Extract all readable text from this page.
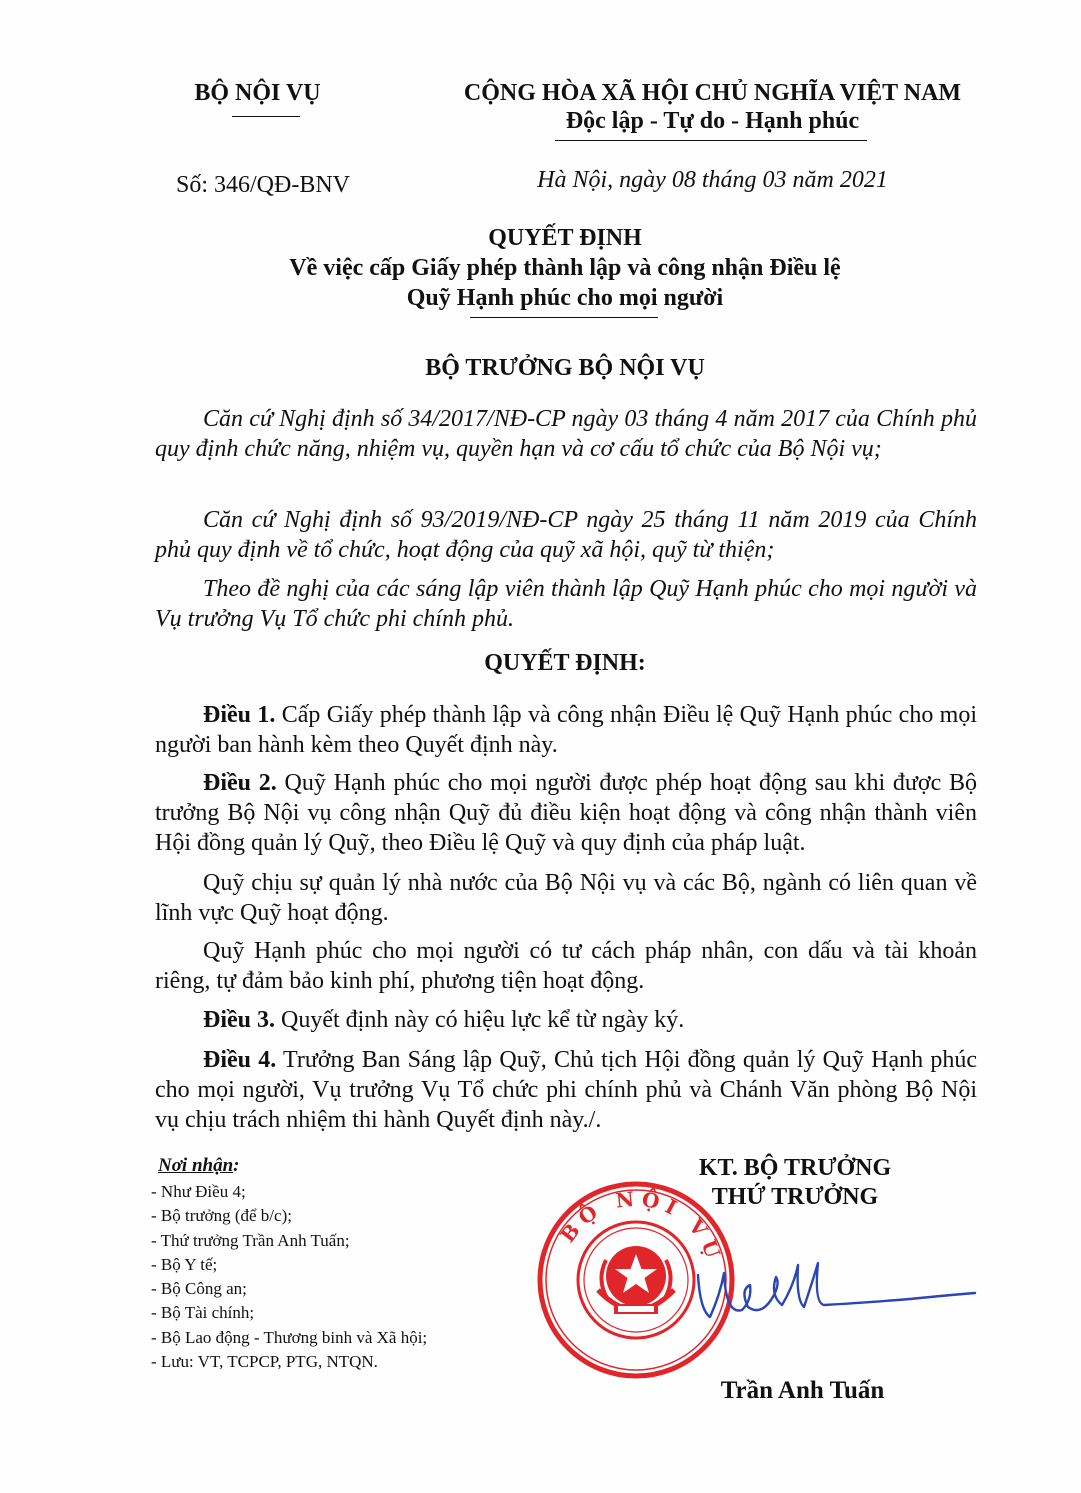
BỘ NỘI VỤ	CỘNG HÒA XÃ HỘI CHỦ NGHĨA VIỆT NAM
Độc lập - Tự do - Hạnh phúc
Số: 346/QĐ-BNV	Hà Nội, ngày 08 tháng 03 năm 2021
QUYẾT ĐỊNH
Về việc cấp Giấy phép thành lập và công nhận Điều lệ
Quỹ Hạnh phúc cho mọi người
BỘ TRƯỞNG BỘ NỘI VỤ

Căn cứ Nghị định số 34/2017/NĐ-CP ngày 03 tháng 4 năm 2017 của Chính phủ quy định chức năng, nhiệm vụ, quyền hạn và cơ cấu tổ chức của Bộ Nội vụ;

Căn cứ Nghị định số 93/2019/NĐ-CP ngày 25 tháng 11 năm 2019 của Chính phủ quy định về tổ chức, hoạt động của quỹ xã hội, quỹ từ thiện;

Theo đề nghị của các sáng lập viên thành lập Quỹ Hạnh phúc cho mọi người và Vụ trưởng Vụ Tổ chức phi chính phủ.

QUYẾT ĐỊNH:

Điều 1. Cấp Giấy phép thành lập và công nhận Điều lệ Quỹ Hạnh phúc cho mọi người ban hành kèm theo Quyết định này.

Điều 2. Quỹ Hạnh phúc cho mọi người được phép hoạt động sau khi được Bộ trưởng Bộ Nội vụ công nhận Quỹ đủ điều kiện hoạt động và công nhận thành viên Hội đồng quản lý Quỹ, theo Điều lệ Quỹ và quy định của pháp luật.

Quỹ chịu sự quản lý nhà nước của Bộ Nội vụ và các Bộ, ngành có liên quan về lĩnh vực Quỹ hoạt động.

Quỹ Hạnh phúc cho mọi người có tư cách pháp nhân, con dấu và tài khoản riêng, tự đảm bảo kinh phí, phương tiện hoạt động.

Điều 3. Quyết định này có hiệu lực kể từ ngày ký.

Điều 4. Trưởng Ban Sáng lập Quỹ, Chủ tịch Hội đồng quản lý Quỹ Hạnh phúc cho mọi người, Vụ trưởng Vụ Tổ chức phi chính phủ và Chánh Văn phòng Bộ Nội vụ chịu trách nhiệm thi hành Quyết định này./.

Nơi nhận:
- Như Điều 4;
- Bộ trưởng (để b/c);
- Thứ trưởng Trần Anh Tuấn;
- Bộ Y tế;
- Bộ Công an;
- Bộ Tài chính;
- Bộ Lao động - Thương binh và Xã hội;
- Lưu: VT, TCPCP, PTG, NTQN.
KT. BỘ TRƯỞNG
THỨ TRƯỞNG
BỘ NỘI VỤ
Trần Anh Tuấn
